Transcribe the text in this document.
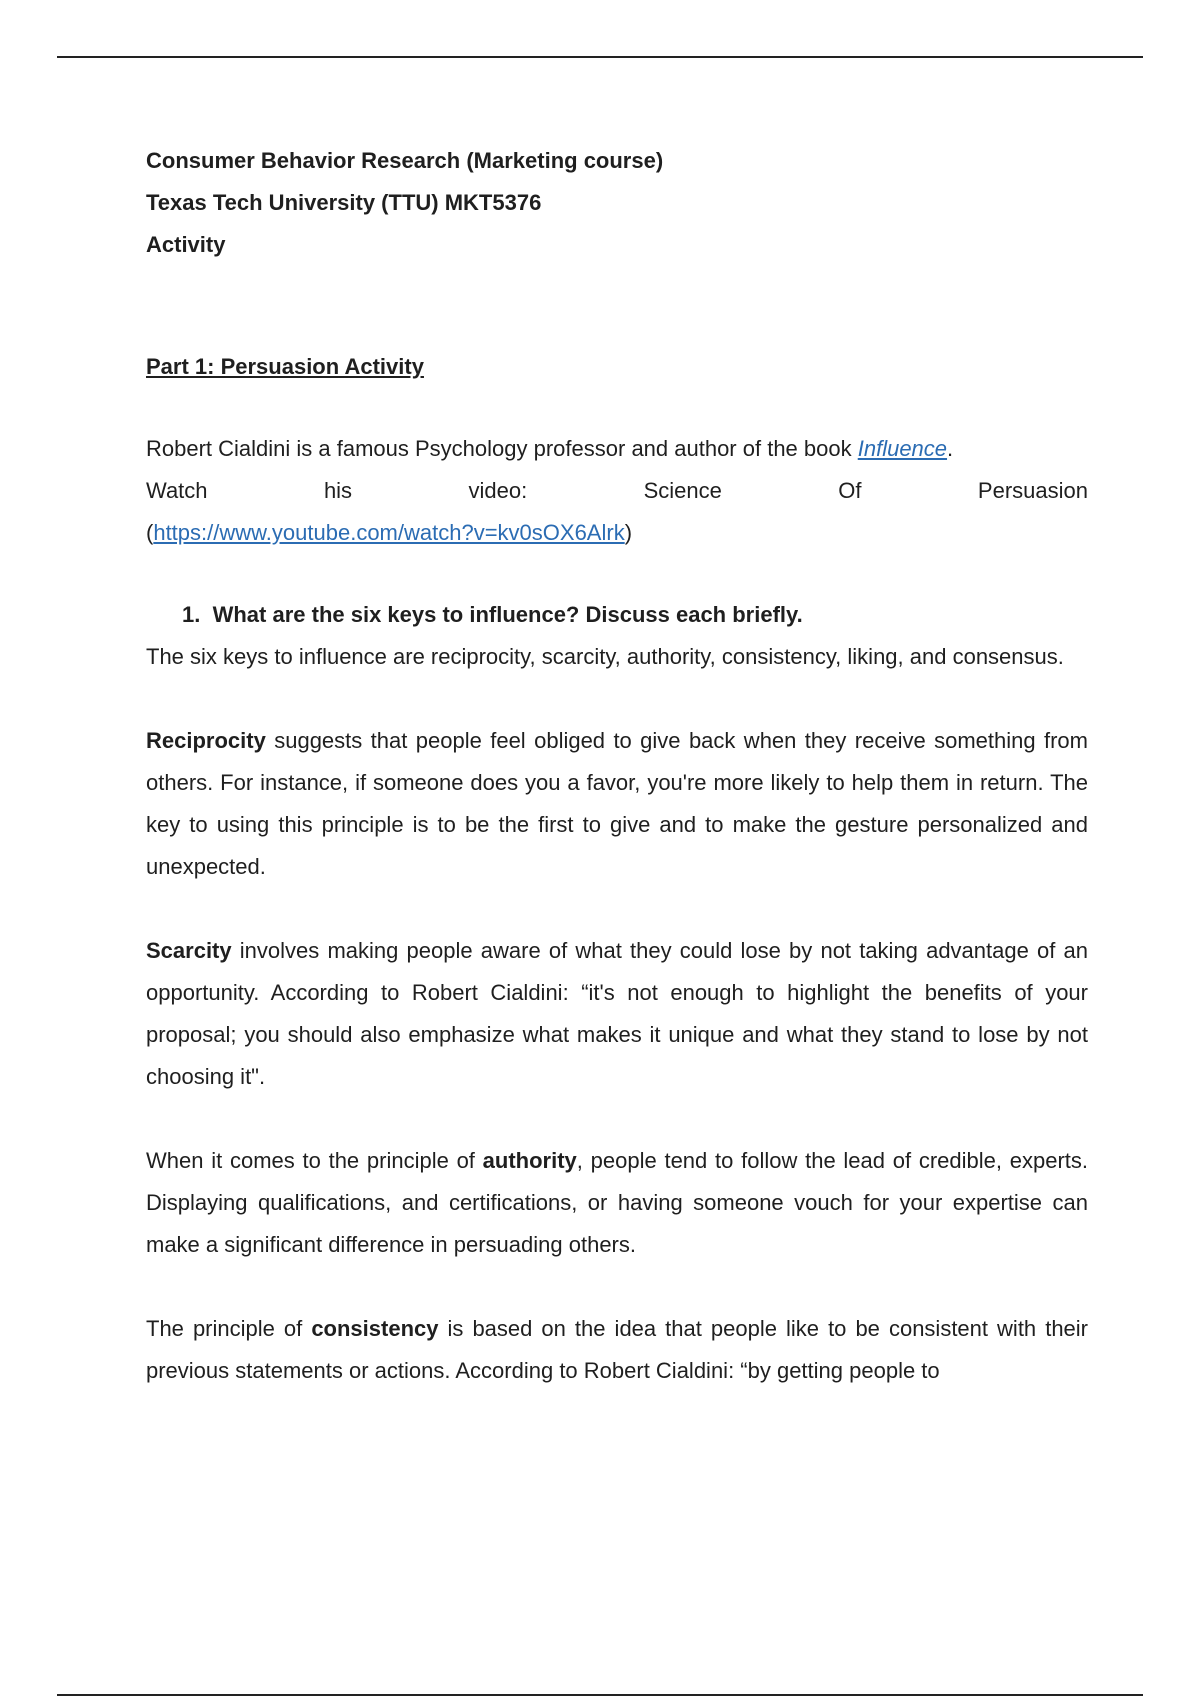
Consumer Behavior Research (Marketing course)

Texas Tech University (TTU) MKT5376

Activity

Part 1: Persuasion Activity

Robert Cialdini is a famous Psychology professor and author of the book Influence.

Watch	his	video:	Science	Of	Persuasion

(https://www.youtube.com/watch?v=kv0sOX6Alrk)

1. What are the six keys to influence? Discuss each briefly.

The six keys to influence are reciprocity, scarcity, authority, consistency, liking, and consensus.

Reciprocity suggests that people feel obliged to give back when they receive something from others. For instance, if someone does you a favor, you're more likely to help them in return. The key to using this principle is to be the first to give and to make the gesture personalized and unexpected.

Scarcity involves making people aware of what they could lose by not taking advantage of an opportunity. According to Robert Cialdini: “it's not enough to highlight the benefits of your proposal; you should also emphasize what makes it unique and what they stand to lose by not choosing it".

When it comes to the principle of authority, people tend to follow the lead of credible, experts. Displaying qualifications, and certifications, or having someone vouch for your expertise can make a significant difference in persuading others.

The principle of consistency is based on the idea that people like to be consistent with their previous statements or actions. According to Robert Cialdini: “by getting people to
